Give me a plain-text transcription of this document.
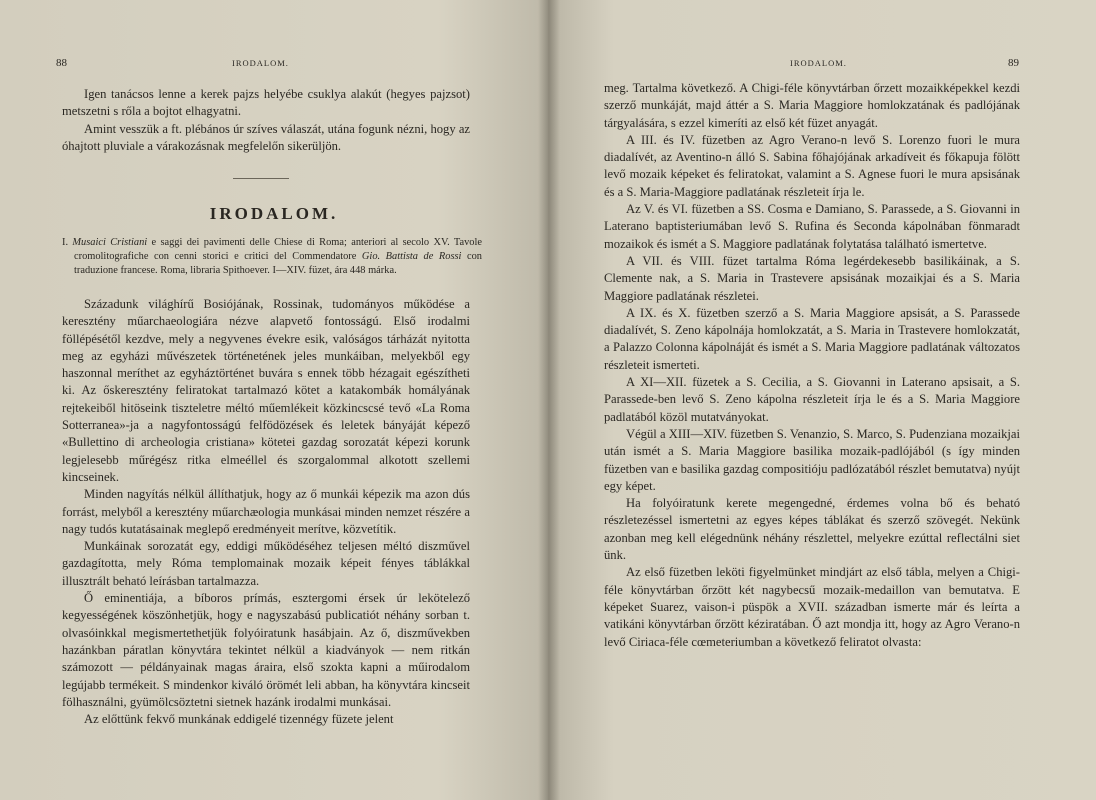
88	IRODALOM.

Igen tanácsos lenne a kerek pajzs helyébe csuklya alakút (hegyes pajzsot) metszetni s rőla a bojtot elhagyatni.

Amint vesszük a ft. plébános úr szíves válaszát, utána fogunk nézni, hogy az óhajtott pluviale a várakozásnak megfelelőn sikerüljön.

IRODALOM.
I. Musaici Cristiani e saggi dei pavimenti delle Chiese di Roma; anteriori al secolo XV. Tavole cromolitografiche con cenni storici e critici del Commendatore Gio. Battista de Rossi con traduzione francese. Roma, libraria Spithoever. I—XIV. füzet, ára 448 márka.

Századunk világhírű Bosiójának, Rossinak, tudományos működése a keresztény műarchaeologiára nézve alapvető fontosságú. Első irodalmi föllépésétől kezdve, mely a negyvenes évekre esik, valóságos tárházát nyitotta meg az egyházi művészetek történetének jeles munkáiban, melyekből egy haszonnal meríthet az egyháztörténet buvára s ennek több hézagait egészítheti ki. Az őskeresztény feliratokat tartalmazó kötet a katakombák homályának rejtekeiből hitöseink tiszteletre méltó műemlékeit közkincscsé tevő «La Roma Sotterranea»-ja a nagyfontosságú felfödözések és leletek bányáját képező «Bullettino di archeologia cristiana» kötetei gazdag sorozatát képezi korunk legjelesebb műrégész ritka elmeéllel és szorgalommal alkotott szellemi kincseinek.

Minden nagyítás nélkül állíthatjuk, hogy az ő munkái képezik ma azon dús forrást, melyből a keresztény műarchæologia munkásai minden nemzet részére a nagy tudós kutatásainak meglepő eredményeit merítve, közvetítik.

Munkáinak sorozatát egy, eddigi működéséhez teljesen méltó diszművel gazdagította, mely Róma templomainak mozaik képeit fényes táblákkal illusztrált beható leírásban tartalmazza.

Ő eminentiája, a bíboros prímás, esztergomi érsek úr lekötelező kegyességének köszönhetjük, hogy e nagyszabású publicatiót néhány sorban t. olvasóinkkal megismertethetjük folyóiratunk hasábjain. Az ő, diszművekben hazánkban páratlan könyvtára tekintet nélkül a kiadványok — nem ritkán számozott — példányainak magas áraira, első szokta kapni a műirodalom legújabb termékeit. S mindenkor kiváló örömét leli abban, ha könyvtára kincseit fölhasználni, gyümölcsöztetni sietnek hazánk irodalmi munkásai.

Az előttünk fekvő munkának eddigelé tizennégy füzete jelent

IRODALOM.	89

meg. Tartalma következő. A Chigi-féle könyvtárban őrzett mozaikképekkel kezdi szerző munkáját, majd áttér a S. Maria Maggiore homlokzatának és padlójának tárgyalására, s ezzel kimeríti az első két füzet anyagát.

A III. és IV. füzetben az Agro Verano-n levő S. Lorenzo fuori le mura diadalívét, az Aventino-n álló S. Sabina főhajójának arkadíveit és főkapuja fölött levő mozaik képeket és feliratokat, valamint a S. Agnese fuori le mura apsisának és a S. Maria-Maggiore padlatának részleteit írja le.

Az V. és VI. füzetben a SS. Cosma e Damiano, S. Parassede, a S. Giovanni in Laterano baptisteriumában levő S. Rufina és Seconda kápolnában fönmaradt mozaikok és ismét a S. Maggiore padlatának folytatása található ismertetve.

A VII. és VIII. füzet tartalma Róma legérdekesebb basilikáinak, a S. Clemente nak, a S. Maria in Trastevere apsisának mozaikjai és a S. Maria Maggiore padlatának részletei.

A IX. és X. füzetben szerző a S. Maria Maggiore apsisát, a S. Parassede diadalívét, S. Zeno kápolnája homlokzatát, a S. Maria in Trastevere homlokzatát, a Palazzo Colonna kápolnáját és ismét a S. Maria Maggiore padlatának változatos részleteit ismerteti.

A XI—XII. füzetek a S. Cecilia, a S. Giovanni in Laterano apsisait, a S. Parassede-ben levő S. Zeno kápolna részleteit írja le és a S. Maria Maggiore padlatából közöl mutatványokat.

Végül a XIII—XIV. füzetben S. Venanzio, S. Marco, S. Pudenziana mozaikjai után ismét a S. Maria Maggiore basilika mozaik-padlójából (s így minden füzetben van e basilika gazdag compositióju padlózatából részlet bemutatva) nyújt egy képet.

Ha folyóiratunk kerete megengedné, érdemes volna bő és beható részletezéssel ismertetni az egyes képes táblákat és szerző szövegét. Nekünk azonban meg kell elégednünk néhány részlettel, melyekre ezúttal reflectálni siet ünk.

Az első füzetben leköti figyelmünket mindjárt az első tábla, melyen a Chigi-féle könyvtárban őrzött két nagybecsű mozaik-medaillon van bemutatva. E képeket Suarez, vaison-i püspök a XVII. században ismerte már és leírta a vatikáni könyvtárban őrzött kéziratában. Ő azt mondja itt, hogy az Agro Verano-n levő Ciriaca-féle cœmeteriumban a következő feliratot olvasta:
